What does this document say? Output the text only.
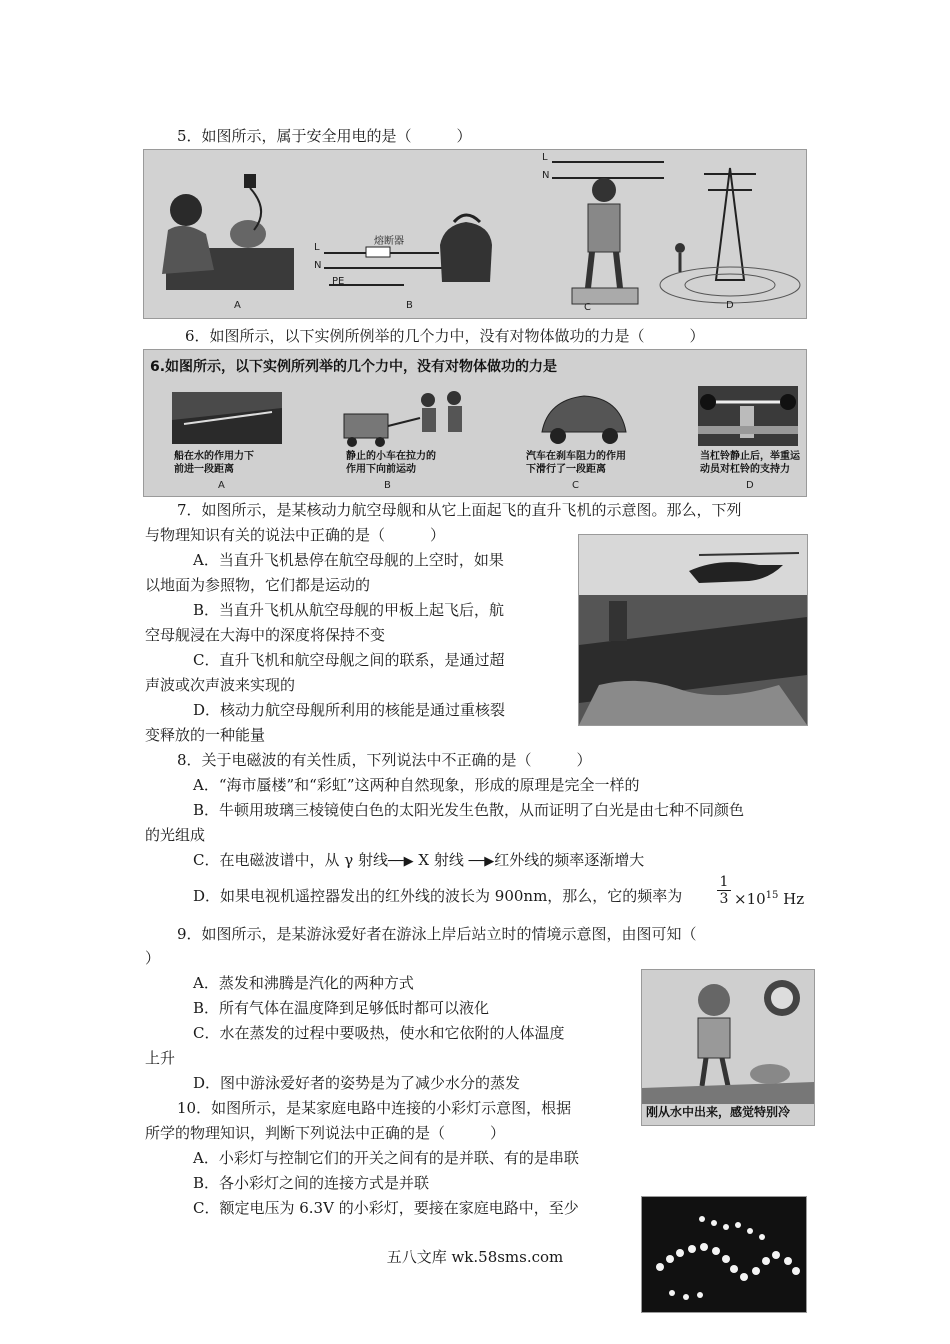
5．如图所示，属于安全用电的是（　　　）
A	B	C	D
熔断器
L
N
PE
L
N
6．如图所示，以下实例所例举的几个力中，没有对物体做功的力是（　　　）
6.如图所示，以下实例所列举的几个力中，没有对物体做功的力是
船在水的作用力下前进一段距离
静止的小车在拉力的作用下向前运动
汽车在刹车阻力的作用下滑行了一段距离
当杠铃静止后，举重运动员对杠铃的支持力
A	B	C	D
7．如图所示，是某核动力航空母舰和从它上面起飞的直升飞机的示意图。那么，下列
与物理知识有关的说法中正确的是（　　　）
A．当直升飞机悬停在航空母舰的上空时，如果
以地面为参照物，它们都是运动的
B．当直升飞机从航空母舰的甲板上起飞后，航
空母舰浸在大海中的深度将保持不变
C．直升飞机和航空母舰之间的联系，是通过超
声波或次声波来实现的
D．核动力航空母舰所利用的核能是通过重核裂
变释放的一种能量
8．关于电磁波的有关性质，下列说法中不正确的是（　　　）
A．“海市蜃楼”和“彩虹”这两种自然现象，形成的原理是完全一样的
B．牛顿用玻璃三棱镜使白色的太阳光发生色散，从而证明了白光是由七种不同颜色
的光组成
C．在电磁波谱中，从 γ 射线──▶ X 射线 ──▶红外线的频率逐渐增大
D．如果电视机遥控器发出的红外线的波长为 900nm，那么，它的频率为 $\frac{1}{3} \times 10^{15}$ Hz
9．如图所示，是某游泳爱好者在游泳上岸后站立时的情境示意图，由图可知（
）
A．蒸发和沸腾是汽化的两种方式
B．所有气体在温度降到足够低时都可以液化
C．水在蒸发的过程中要吸热，使水和它依附的人体温度
上升
D．图中游泳爱好者的姿势是为了减少水分的蒸发
刚从水中出来，感觉特别冷
10．如图所示，是某家庭电路中连接的小彩灯示意图，根据
所学的物理知识，判断下列说法中正确的是（　　　）
A．小彩灯与控制它们的开关之间有的是并联、有的是串联
B．各小彩灯之间的连接方式是并联
C．额定电压为 6.3V 的小彩灯，要接在家庭电路中，至少
五八文库 wk.58sms.com
